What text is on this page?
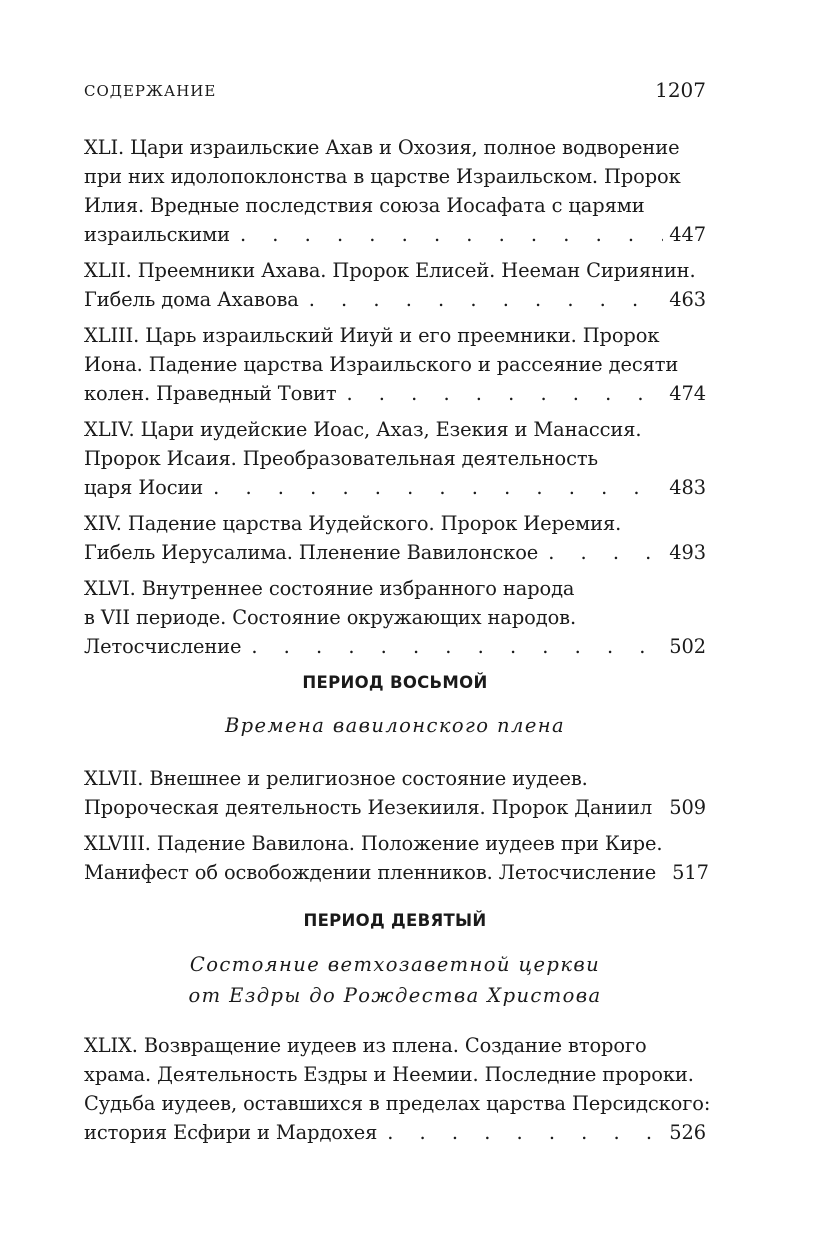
СОДЕРЖАНИЕ	1207
XLI. Цари израильские Ахав и Охозия, полное водворение
при них идолопоклонства в царстве Израильском. Пророк
Илия. Вредные последствия союза Иосафата с царями
израильскими . . .	447
XLII. Преемники Ахава. Пророк Елисей. Нееман Сириянин.
Гибель дома Ахавова . . .	463
XLIII. Царь израильский Ииуй и его преемники. Пророк
Иона. Падение царства Израильского и рассеяние десяти
колен. Праведный Товит . . .	474
XLIV. Цари иудейские Иоас, Ахаз, Езекия и Манассия.
Пророк Исаия. Преобразовательная деятельность
царя Иосии . . .	483
XIV. Падение царства Иудейского. Пророк Иеремия.
Гибель Иерусалима. Пленение Вавилонское . . .	493
XLVI. Внутреннее состояние избранного народа
в VII периоде. Состояние окружающих народов.
Летосчисление . . .	502
ПЕРИОД ВОСЬМОЙ
Времена вавилонского плена
XLVII. Внешнее и религиозное состояние иудеев.
Пророческая деятельность Иезекииля. Пророк Даниил . . . 509
XLVIII. Падение Вавилона. Положение иудеев при Кире.
Манифест об освобождении пленников. Летосчисление . . . 517
ПЕРИОД ДЕВЯТЫЙ
Состояние ветхозаветной церкви
от Ездры до Рождества Христова
XLIX. Возвращение иудеев из плена. Создание второго
храма. Деятельность Ездры и Неемии. Последние пророки.
Судьба иудеев, оставшихся в пределах царства Персидского:
история Есфири и Мардохея . . .	526
